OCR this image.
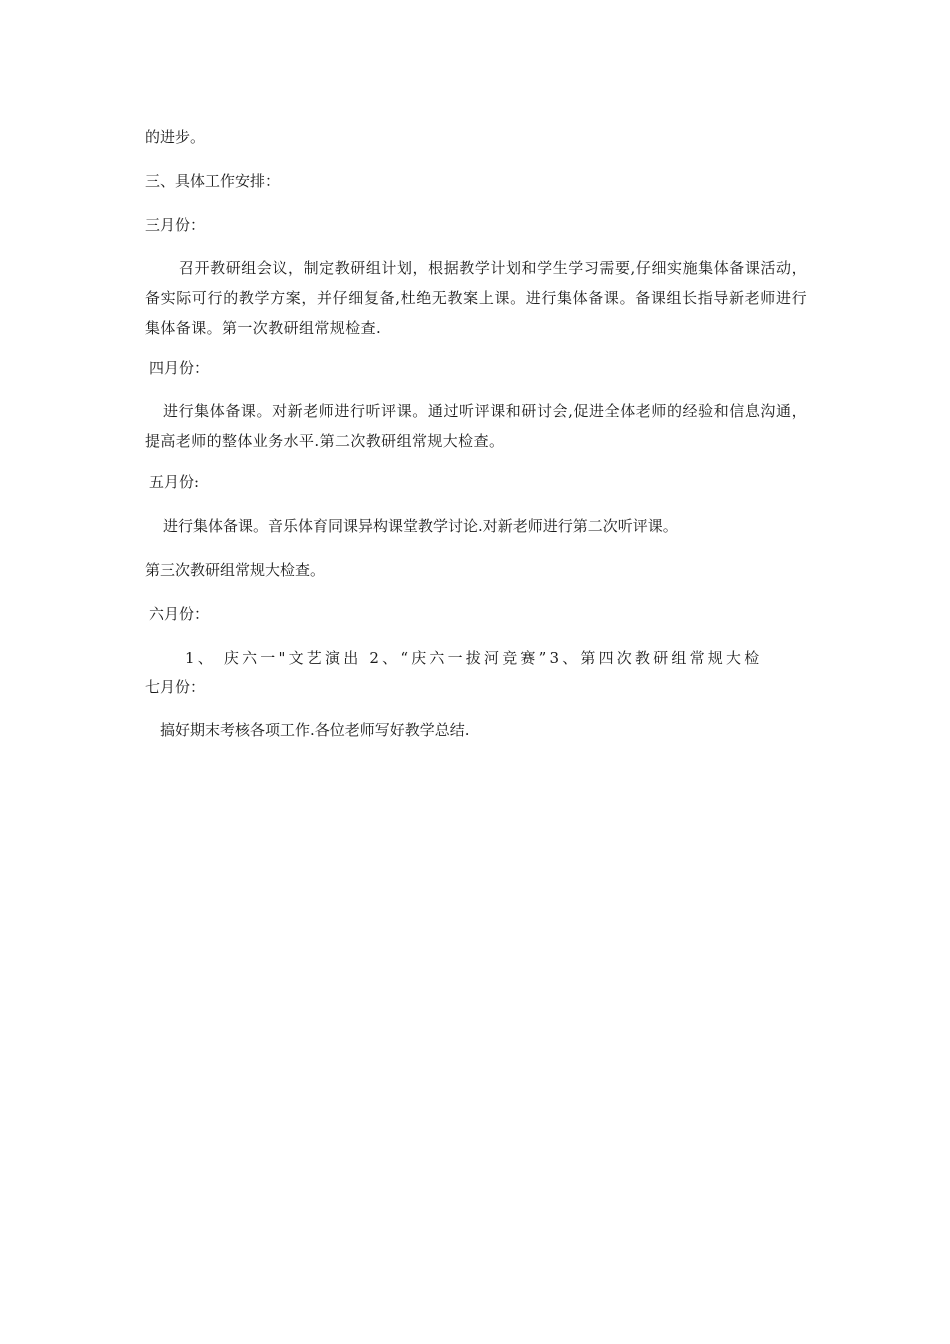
的进步。
三、具体工作安排：
三月份：
召开教研组会议，制定教研组计划，根据教学计划和学生学习需要,仔细实施集体备课活动，备实际可行的教学方案，并仔细复备,杜绝无教案上课。进行集体备课。备课组长指导新老师进行集体备课。第一次教研组常规检查.
四月份：
进行集体备课。对新老师进行听评课。通过听评课和研讨会,促进全体老师的经验和信息沟通，提高老师的整体业务水平.第二次教研组常规大检查。
五月份:
进行集体备课。音乐体育同课异构课堂教学讨论.对新老师进行第二次听评课。
第三次教研组常规大检查。
六月份：
1、 庆六一"文艺演出 2、“庆六一拔河竞赛”3、第四次教研组常规大检
七月份：
搞好期末考核各项工作.各位老师写好教学总结.
